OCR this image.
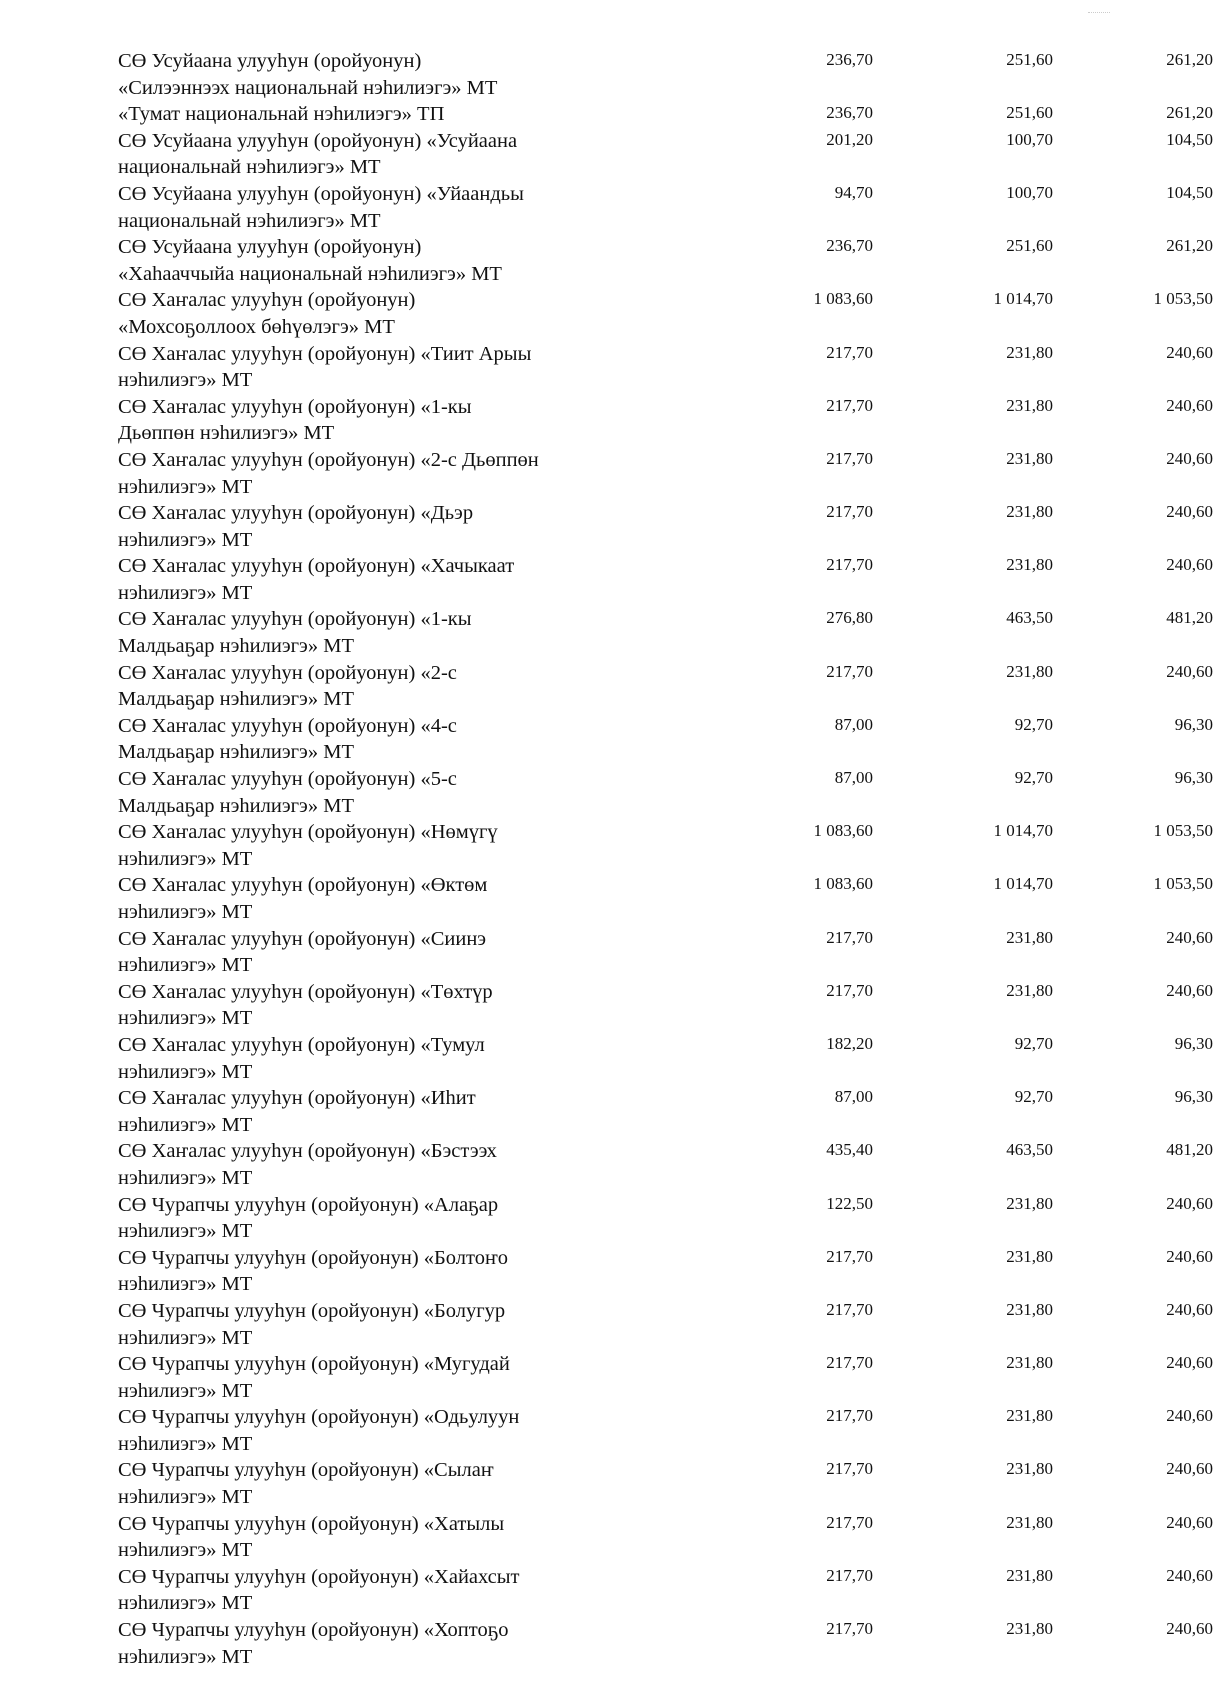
СӨ Усуйаана улууһун (оройуонун)
«Силээннээх национальнай нэһилиэгэ» МТ
236,70	251,60	261,20
«Тумат национальнай нэһилиэгэ» ТП	236,70	251,60	261,20
СӨ Усуйаана улууһун (оройуонун) «Усуйаана
национальнай нэһилиэгэ» МТ
201,20	100,70	104,50
СӨ Усуйаана улууһун (оройуонун) «Уйаандьы
национальнай нэһилиэгэ» МТ
94,70	100,70	104,50
СӨ Усуйаана улууһун (оройуонун)
«Хаһааччыйа национальнай нэһилиэгэ» МТ
236,70	251,60	261,20
СӨ Хаҥалас улууһун (оройуонун)
«Мохсоҕоллоох бөһүөлэгэ» МТ
1 083,60	1 014,70	1 053,50
СӨ Хаҥалас улууһун (оройуонун) «Тиит Арыы
нэһилиэгэ» МТ
217,70	231,80	240,60
СӨ Хаҥалас улууһун (оройуонун) «1-кы
Дьөппөн нэһилиэгэ» МТ
217,70	231,80	240,60
СӨ Хаҥалас улууһун (оройуонун) «2-с Дьөппөн
нэһилиэгэ» МТ
217,70	231,80	240,60
СӨ Хаҥалас улууһун (оройуонун) «Дьэр
нэһилиэгэ» МТ
217,70	231,80	240,60
СӨ Хаҥалас улууһун (оройуонун) «Хачыкаат
нэһилиэгэ» МТ
217,70	231,80	240,60
СӨ Хаҥалас улууһун (оройуонун) «1-кы
Малдьаҕар нэһилиэгэ» МТ
276,80	463,50	481,20
СӨ Хаҥалас улууһун (оройуонун) «2-с
Малдьаҕар нэһилиэгэ» МТ
217,70	231,80	240,60
СӨ Хаҥалас улууһун (оройуонун) «4-с
Малдьаҕар нэһилиэгэ» МТ
87,00	92,70	96,30
СӨ Хаҥалас улууһун (оройуонун) «5-с
Малдьаҕар нэһилиэгэ» МТ
87,00	92,70	96,30
СӨ Хаҥалас улууһун (оройуонун) «Нөмүгү
нэһилиэгэ» МТ
1 083,60	1 014,70	1 053,50
СӨ Хаҥалас улууһун (оройуонун) «Өктөм
нэһилиэгэ» МТ
1 083,60	1 014,70	1 053,50
СӨ Хаҥалас улууһун (оройуонун) «Сиинэ
нэһилиэгэ» МТ
217,70	231,80	240,60
СӨ Хаҥалас улууһун (оройуонун) «Төхтүр
нэһилиэгэ» МТ
217,70	231,80	240,60
СӨ Хаҥалас улууһун (оройуонун) «Тумул
нэһилиэгэ» МТ
182,20	92,70	96,30
СӨ Хаҥалас улууһун (оройуонун) «Иһит
нэһилиэгэ» МТ
87,00	92,70	96,30
СӨ Хаҥалас улууһун (оройуонун) «Бэстээх
нэһилиэгэ» МТ
435,40	463,50	481,20
СӨ Чурапчы улууһун (оройуонун) «Алаҕар
нэһилиэгэ» МТ
122,50	231,80	240,60
СӨ Чурапчы улууһун (оройуонун) «Болтоҥо
нэһилиэгэ» МТ
217,70	231,80	240,60
СӨ Чурапчы улууһун (оройуонун) «Болугур
нэһилиэгэ» МТ
217,70	231,80	240,60
СӨ Чурапчы улууһун (оройуонун) «Мугудай
нэһилиэгэ» МТ
217,70	231,80	240,60
СӨ Чурапчы улууһун (оройуонун) «Одьулуун
нэһилиэгэ» МТ
217,70	231,80	240,60
СӨ Чурапчы улууһун (оройуонун) «Сылаҥ
нэһилиэгэ» МТ
217,70	231,80	240,60
СӨ Чурапчы улууһун (оройуонун) «Хатылы
нэһилиэгэ» МТ
217,70	231,80	240,60
СӨ Чурапчы улууһун (оройуонун) «Хайахсыт
нэһилиэгэ» МТ
217,70	231,80	240,60
СӨ Чурапчы улууһун (оройуонун) «Хоптоҕо
нэһилиэгэ» МТ
217,70	231,80	240,60
